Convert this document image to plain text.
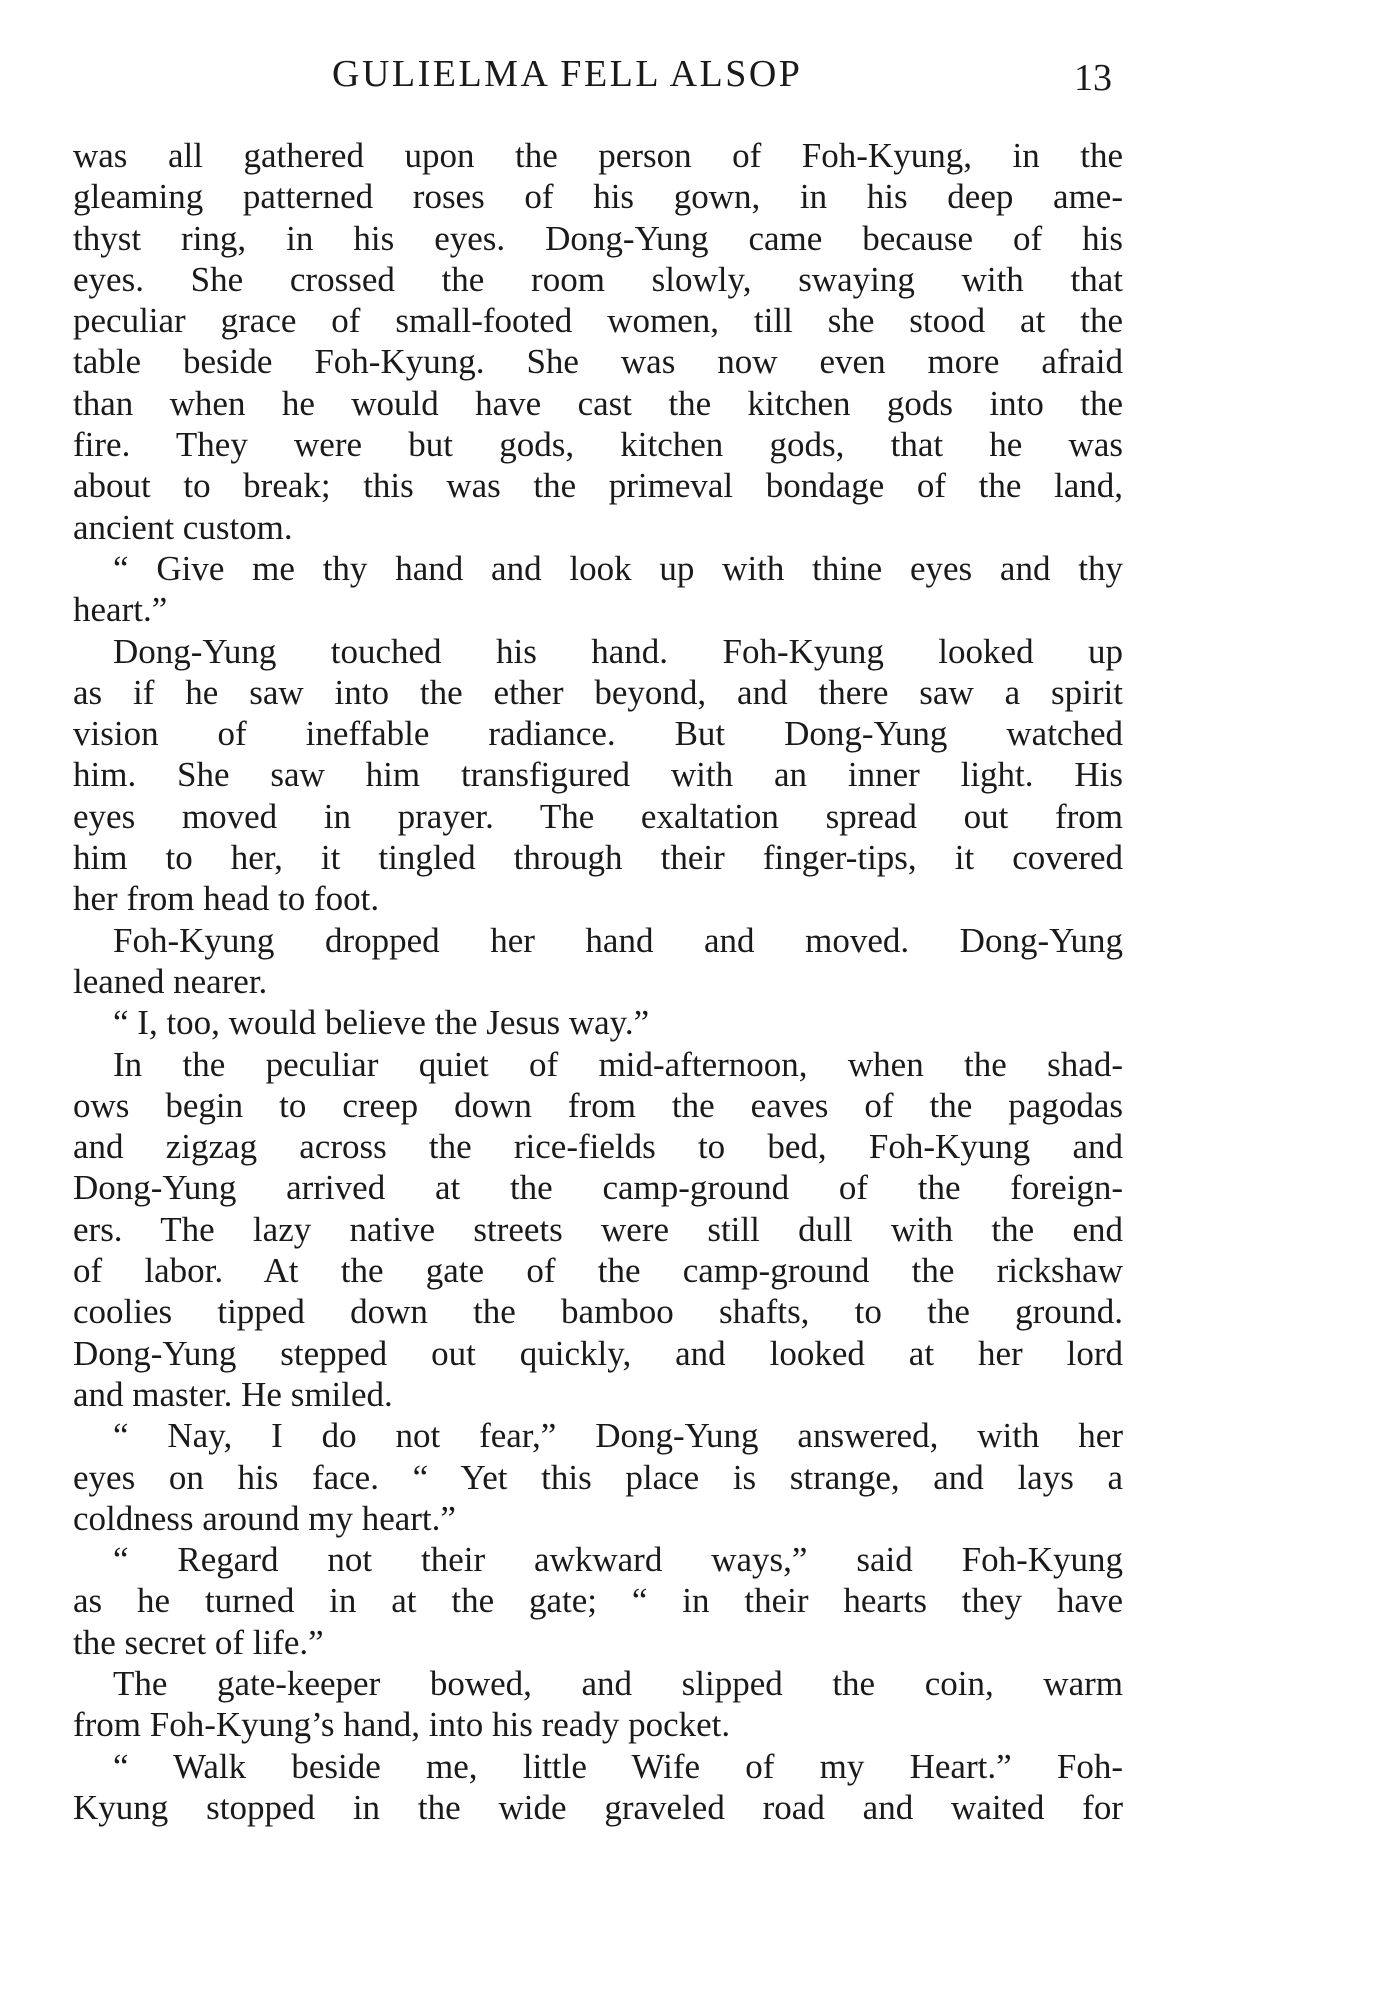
GULIELMA FELL ALSOP	13
was all gathered upon the person of Foh-Kyung, in the
gleaming patterned roses of his gown, in his deep ame-
thyst ring, in his eyes. Dong-Yung came because of his
eyes. She crossed the room slowly, swaying with that
peculiar grace of small-footed women, till she stood at the
table beside Foh-Kyung. She was now even more afraid
than when he would have cast the kitchen gods into the
fire. They were but gods, kitchen gods, that he was
about to break; this was the primeval bondage of the land,
ancient custom.
“ Give me thy hand and look up with thine eyes and thy
heart.”
Dong-Yung touched his hand. Foh-Kyung looked up
as if he saw into the ether beyond, and there saw a spirit
vision of ineffable radiance. But Dong-Yung watched
him. She saw him transfigured with an inner light. His
eyes moved in prayer. The exaltation spread out from
him to her, it tingled through their finger-tips, it covered
her from head to foot.
Foh-Kyung dropped her hand and moved. Dong-Yung
leaned nearer.
“ I, too, would believe the Jesus way.”
In the peculiar quiet of mid-afternoon, when the shad-
ows begin to creep down from the eaves of the pagodas
and zigzag across the rice-fields to bed, Foh-Kyung and
Dong-Yung arrived at the camp-ground of the foreign-
ers. The lazy native streets were still dull with the end
of labor. At the gate of the camp-ground the rickshaw
coolies tipped down the bamboo shafts, to the ground.
Dong-Yung stepped out quickly, and looked at her lord
and master. He smiled.
“ Nay, I do not fear,” Dong-Yung answered, with her
eyes on his face. “ Yet this place is strange, and lays a
coldness around my heart.”
“ Regard not their awkward ways,” said Foh-Kyung
as he turned in at the gate; “ in their hearts they have
the secret of life.”
The gate-keeper bowed, and slipped the coin, warm
from Foh-Kyung’s hand, into his ready pocket.
“ Walk beside me, little Wife of my Heart.” Foh-
Kyung stopped in the wide graveled road and waited for
